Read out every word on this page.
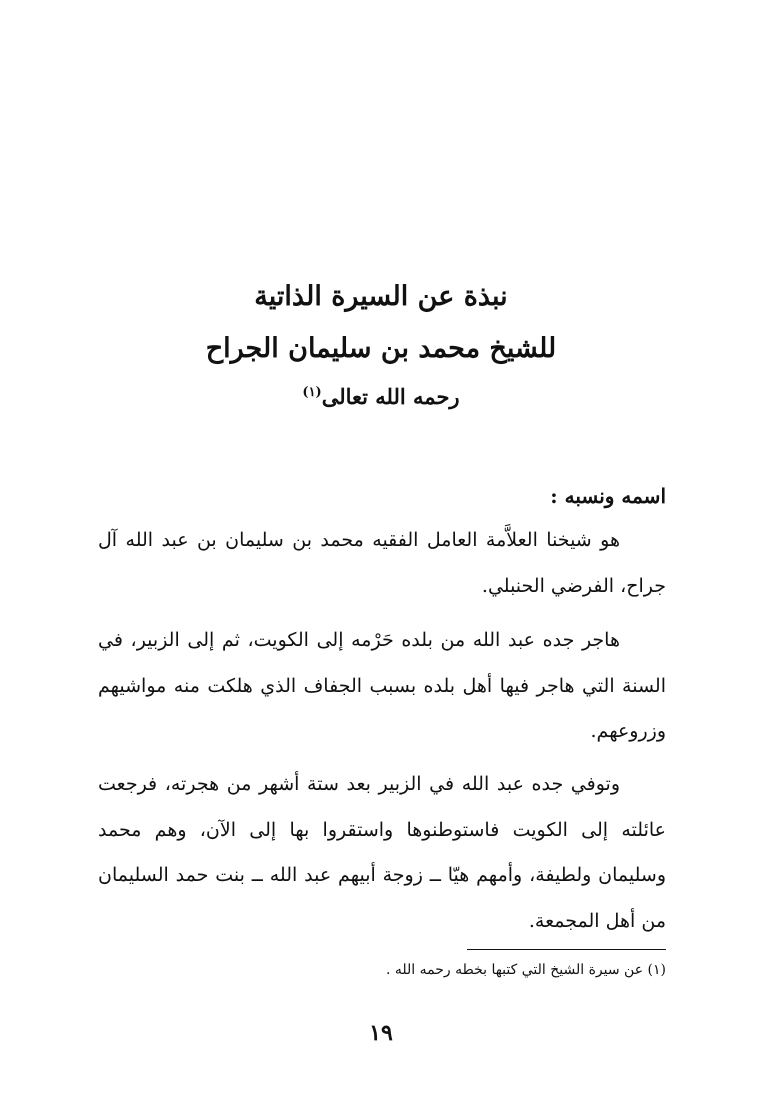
نبذة عن السيرة الذاتية
للشيخ محمد بن سليمان الجراح
رحمه الله تعالى$^{(١)}$
اسمه ونسبه :

هو شيخنا العلاَّمة العامل الفقيه محمد بن سليمان بن عبد الله آل جراح، الفرضي الحنبلي.

هاجر جده عبد الله من بلده حَرْمه إلى الكويت، ثم إلى الزبير، في السنة التي هاجر فيها أهل بلده بسبب الجفاف الذي هلكت منه مواشيهم وزروعهم.

وتوفي جده عبد الله في الزبير بعد ستة أشهر من هجرته، فرجعت عائلته إلى الكويت فاستوطنوها واستقروا بها إلى الآن، وهم محمد وسليمان ولطيفة، وأمهم هيّا ــ زوجة أبيهم عبد الله ــ بنت حمد السليمان من أهل المجمعة.

(١) عن سيرة الشيخ التي كتبها بخطه رحمه الله .
١٩
